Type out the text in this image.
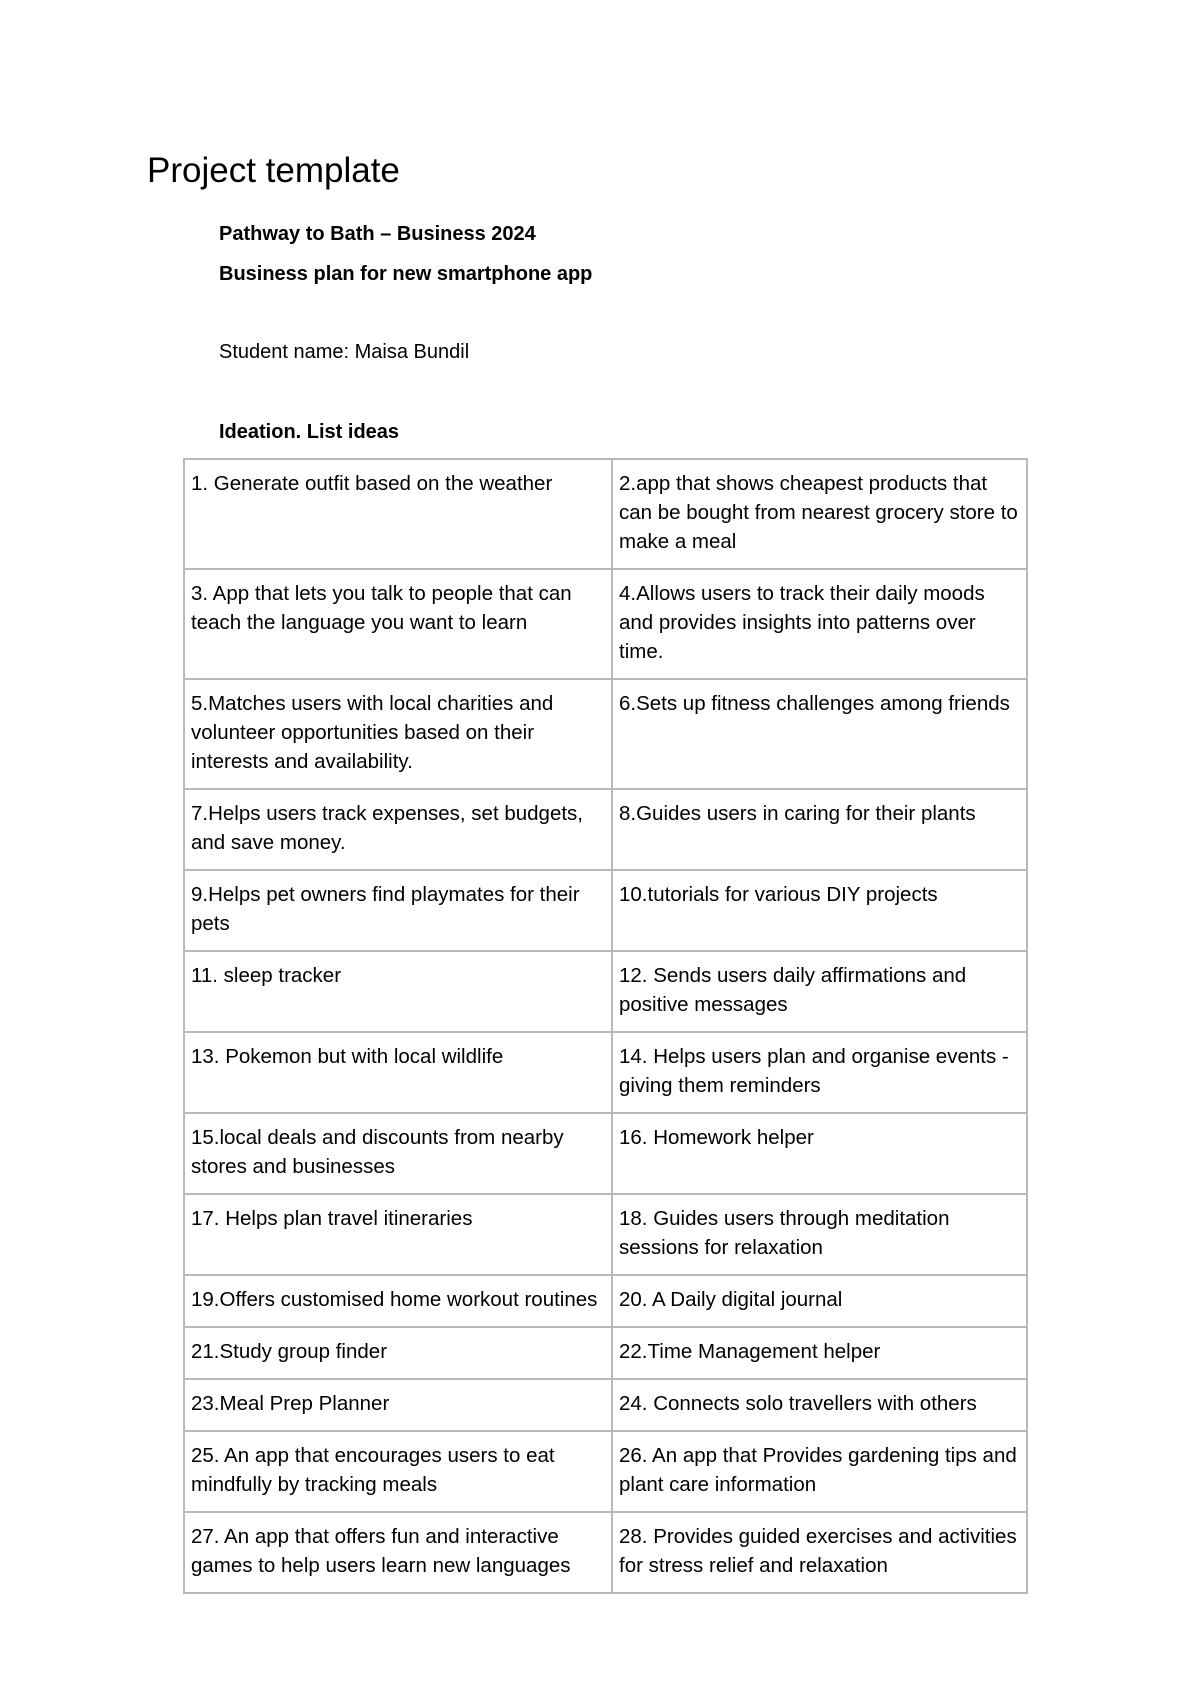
Project template

Pathway to Bath – Business 2024

Business plan for new smartphone app

Student name: Maisa Bundil

Ideation. List ideas

1. Generate outfit based on the weather	2.app that shows cheapest products that can be bought from nearest grocery store to make a meal
3. App that lets you talk to people that can teach the language you want to learn	4.Allows users to track their daily moods and provides insights into patterns over time.
5.Matches users with local charities and volunteer opportunities based on their interests and availability.	6.Sets up fitness challenges among friends
7.Helps users track expenses, set budgets, and save money.	8.Guides users in caring for their plants
9.Helps pet owners find playmates for their pets	10.tutorials for various DIY projects
11. sleep tracker	12. Sends users daily affirmations and positive messages
13. Pokemon but with local wildlife	14. Helps users plan and organise events - giving them reminders
15.local deals and discounts from nearby stores and businesses	16. Homework helper
17. Helps plan travel itineraries	18. Guides users through meditation sessions for relaxation
19.Offers customised home workout routines	20. A Daily digital journal
21.Study group finder	22.Time Management helper
23.Meal Prep Planner	24. Connects solo travellers with others
25. An app that encourages users to eat mindfully by tracking meals	26. An app that Provides gardening tips and plant care information
27. An app that offers fun and interactive games to help users learn new languages	28. Provides guided exercises and activities for stress relief and relaxation
